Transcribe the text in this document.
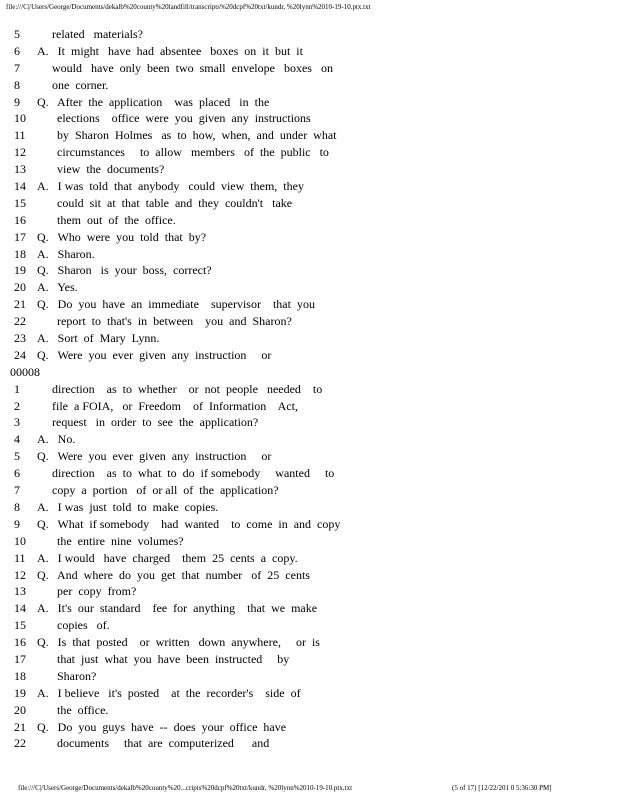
file:///C|/Users/George/Documents/dekalb%20county%20landfill/transcripts%20dcpf%20txt/kundr, %20lynn%2010-19-10.ptx.txt
5	related   materials?
6	A.   It  might   have  had  absentee   boxes  on  it  but  it
7	would   have  only  been  two  small  envelope   boxes   on
8	one  corner.
9	Q.   After  the  application    was  placed   in  the
10	elections    office  were  you  given  any  instructions
11	by  Sharon  Holmes   as  to  how,  when,  and  under  what
12	circumstances     to  allow   members   of  the  public   to
13	view  the  documents?
14 A.   I was  told  that  anybody   could  view  them,  they
15	could  sit  at  that  table  and  they  couldn't   take
16	them  out  of  the  office.
17 Q.   Who  were  you  told  that  by?
18 A.   Sharon.
19 Q.   Sharon   is  your  boss,  correct?
20 A.   Yes.
21 Q.   Do  you  have  an  immediate    supervisor    that  you
22	report  to  that's  in  between    you  and  Sharon?
23 A.   Sort  of  Mary  Lynn.
24 Q.   Were  you  ever  given  any  instruction     or
00008
1	direction    as  to  whether    or  not  people   needed    to
2	file  a FOIA,   or  Freedom    of  Information    Act,
3	request   in  order  to  see  the  application?
4	A.   No.
5	Q.   Were  you  ever  given  any  instruction     or
6	direction    as  to  what  to  do  if somebody     wanted     to
7	copy  a  portion   of  or all  of  the  application?
8	A.   I was  just  told  to  make  copies.
9	Q.   What  if somebody    had  wanted    to  come  in  and  copy
10	the  entire  nine  volumes?
11 A.   I would   have  charged    them  25  cents  a  copy.
12 Q.   And  where  do  you  get  that  number   of  25  cents
13	per  copy  from?
14 A.   It's  our  standard    fee  for  anything    that  we  make
15	copies   of.
16 Q.   Is  that  posted    or  written   down  anywhere,     or  is
17	that  just  what  you  have  been  instructed     by
18	Sharon?
19 A.   I believe   it's  posted    at  the  recorder's    side  of
20	the  office.
21 Q.   Do  you  guys  have  --  does  your  office  have
22	documents     that  are  computerized      and
file:///C|/Users/George/Documents/dekalb%20county%20...cripts%20dcpf%20txt/kundr, %20lynn%2010-19-10.ptx.txt	(5 of 17) [12/22/201 0 5:36:30 PM]
